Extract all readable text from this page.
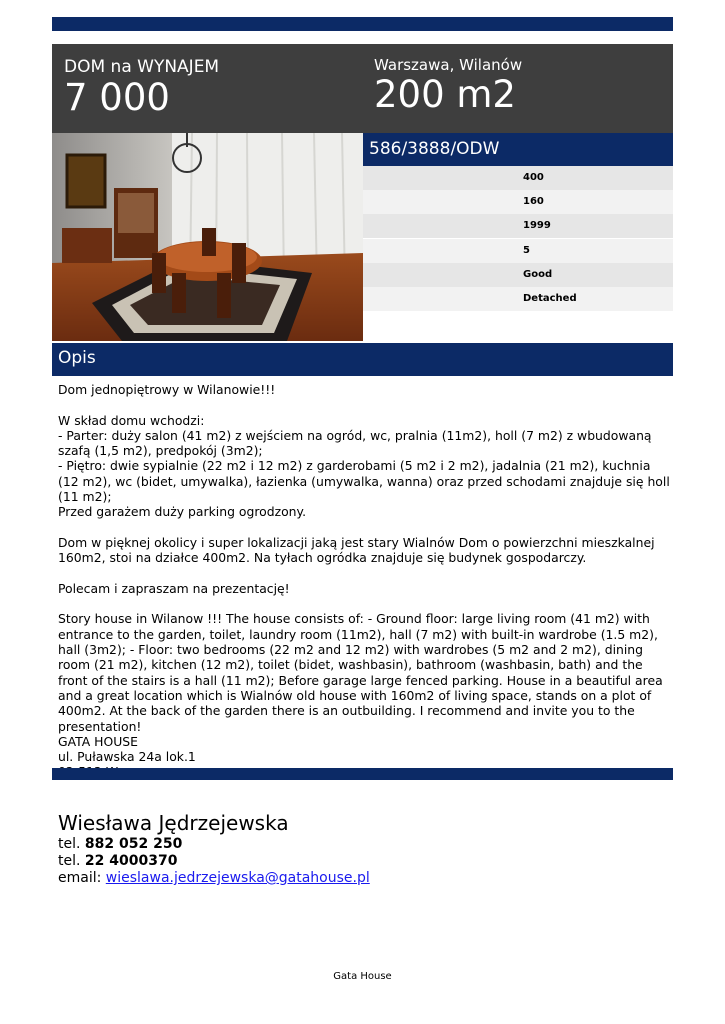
DOM na WYNAJEM
7 000
Warszawa, Wilanów
200 m2
586/3888/ODW
400
160
1999
5
Good
Detached
Opis
Dom jednopiętrowy w Wilanowie!!!

W skład domu wchodzi:
- Parter: duży salon (41 m2) z wejściem na ogród, wc, pralnia (11m2), holl (7 m2) z wbudowaną szafą (1,5 m2), predpokój (3m2);
- Piętro: dwie sypialnie (22 m2 i 12 m2) z garderobami (5 m2 i 2 m2), jadalnia (21 m2), kuchnia (12 m2), wc (bidet, umywalka), łazienka (umywalka, wanna) oraz przed schodami znajduje się holl (11 m2);
Przed garażem duży parking ogrodzony.

Dom w pięknej okolicy i super lokalizacji jaką jest stary Wialnów Dom o powierzchni mieszkalnej 160m2, stoi na działce 400m2. Na tyłach ogródka znajduje się budynek gospodarczy.

Polecam i zapraszam na prezentację!

Story house in Wilanow !!! The house consists of: - Ground floor: large living room (41 m2) with entrance to the garden, toilet, laundry room (11m2), hall (7 m2) with built-in wardrobe (1.5 m2), hall (3m2); - Floor: two bedrooms (22 m2 and 12 m2) with wardrobes (5 m2 and 2 m2), dining room (21 m2), kitchen (12 m2), toilet (bidet, washbasin), bathroom (washbasin, bath) and the front of the stairs is a hall (11 m2); Before garage large fenced parking. House in a beautiful area and a great location which is Wialnów old house with 160m2 of living space, stands on a plot of 400m2. At the back of the garden there is an outbuilding. I recommend and invite you to the presentation!
GATA HOUSE
ul. Puławska 24a lok.1

Wiesława Jędrzejewska
tel. 882 052 250
tel. 22 4000370
email: wieslawa.jedrzejewska@gatahouse.pl
Gata House
